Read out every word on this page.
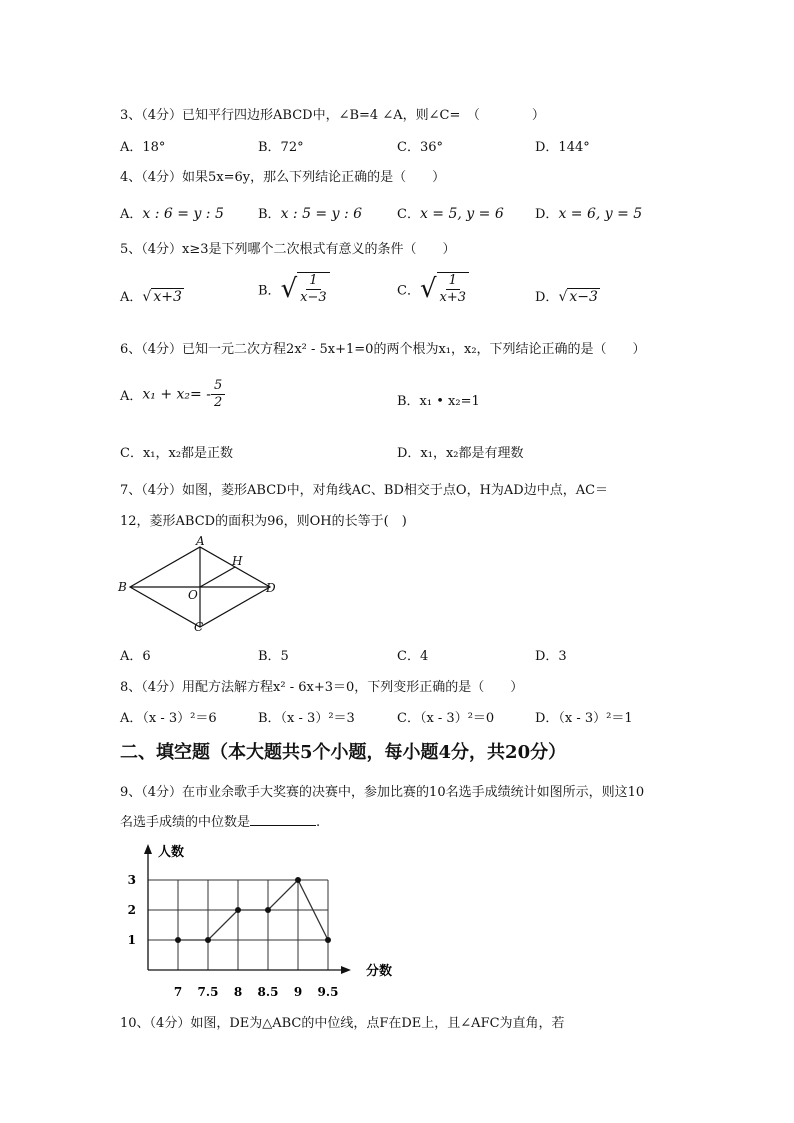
3、（4分）已知平行四边形ABCD中，∠B=4 ∠A，则∠C=　（　　　　）
A．18°	B．72°	C．36°	D．144°
4、（4分）如果5x=6y，那么下列结论正确的是（　　）
A．x : 6 = y : 5	B．x : 5 = y : 6	C．x = 5, y = 6 D．x = 6, y = 5
5、（4分）x≥3是下列哪个二次根式有意义的条件（　　）
A．√ x+3	B．√ $\frac{1}{x-3}$	C．√ $\frac{1}{x+3}$	D．√ x−3
6、（4分）已知一元二次方程2x² - 5x+1=0的两个根为x₁，x₂，下列结论正确的是（　　）
A．$x_1 + x_2= - \frac{5}{2}$	B．x₁ • x₂=1
C．x₁，x₂都是正数	D．x₁，x₂都是有理数
7、（4分）如图，菱形ABCD中，对角线AC、BD相交于点O，H为AD边中点，AC＝
12，菱形ABCD的面积为96，则OH的长等于(　)
A
B
C
D
H
O
A．6	B．5	C．4	D．3
8、（4分）用配方法解方程x² - 6x+3＝0，下列变形正确的是（　　）
A．（x - 3）²＝6	B．（x - 3）²＝3	C．（x - 3）²＝0	D．（x - 3）²＝1
二、填空题（本大题共5个小题，每小题4分，共20分）
9、（4分）在市业余歌手大奖赛的决赛中，参加比赛的10名选手成绩统计如图所示，则这10
名选手成绩的中位数是	.
7 7.5 8 8.5 9 9.5
1
2
3
分数
人数
10、（4分）如图，DE为△ABC的中位线，点F在DE上，且∠AFC为直角，若
